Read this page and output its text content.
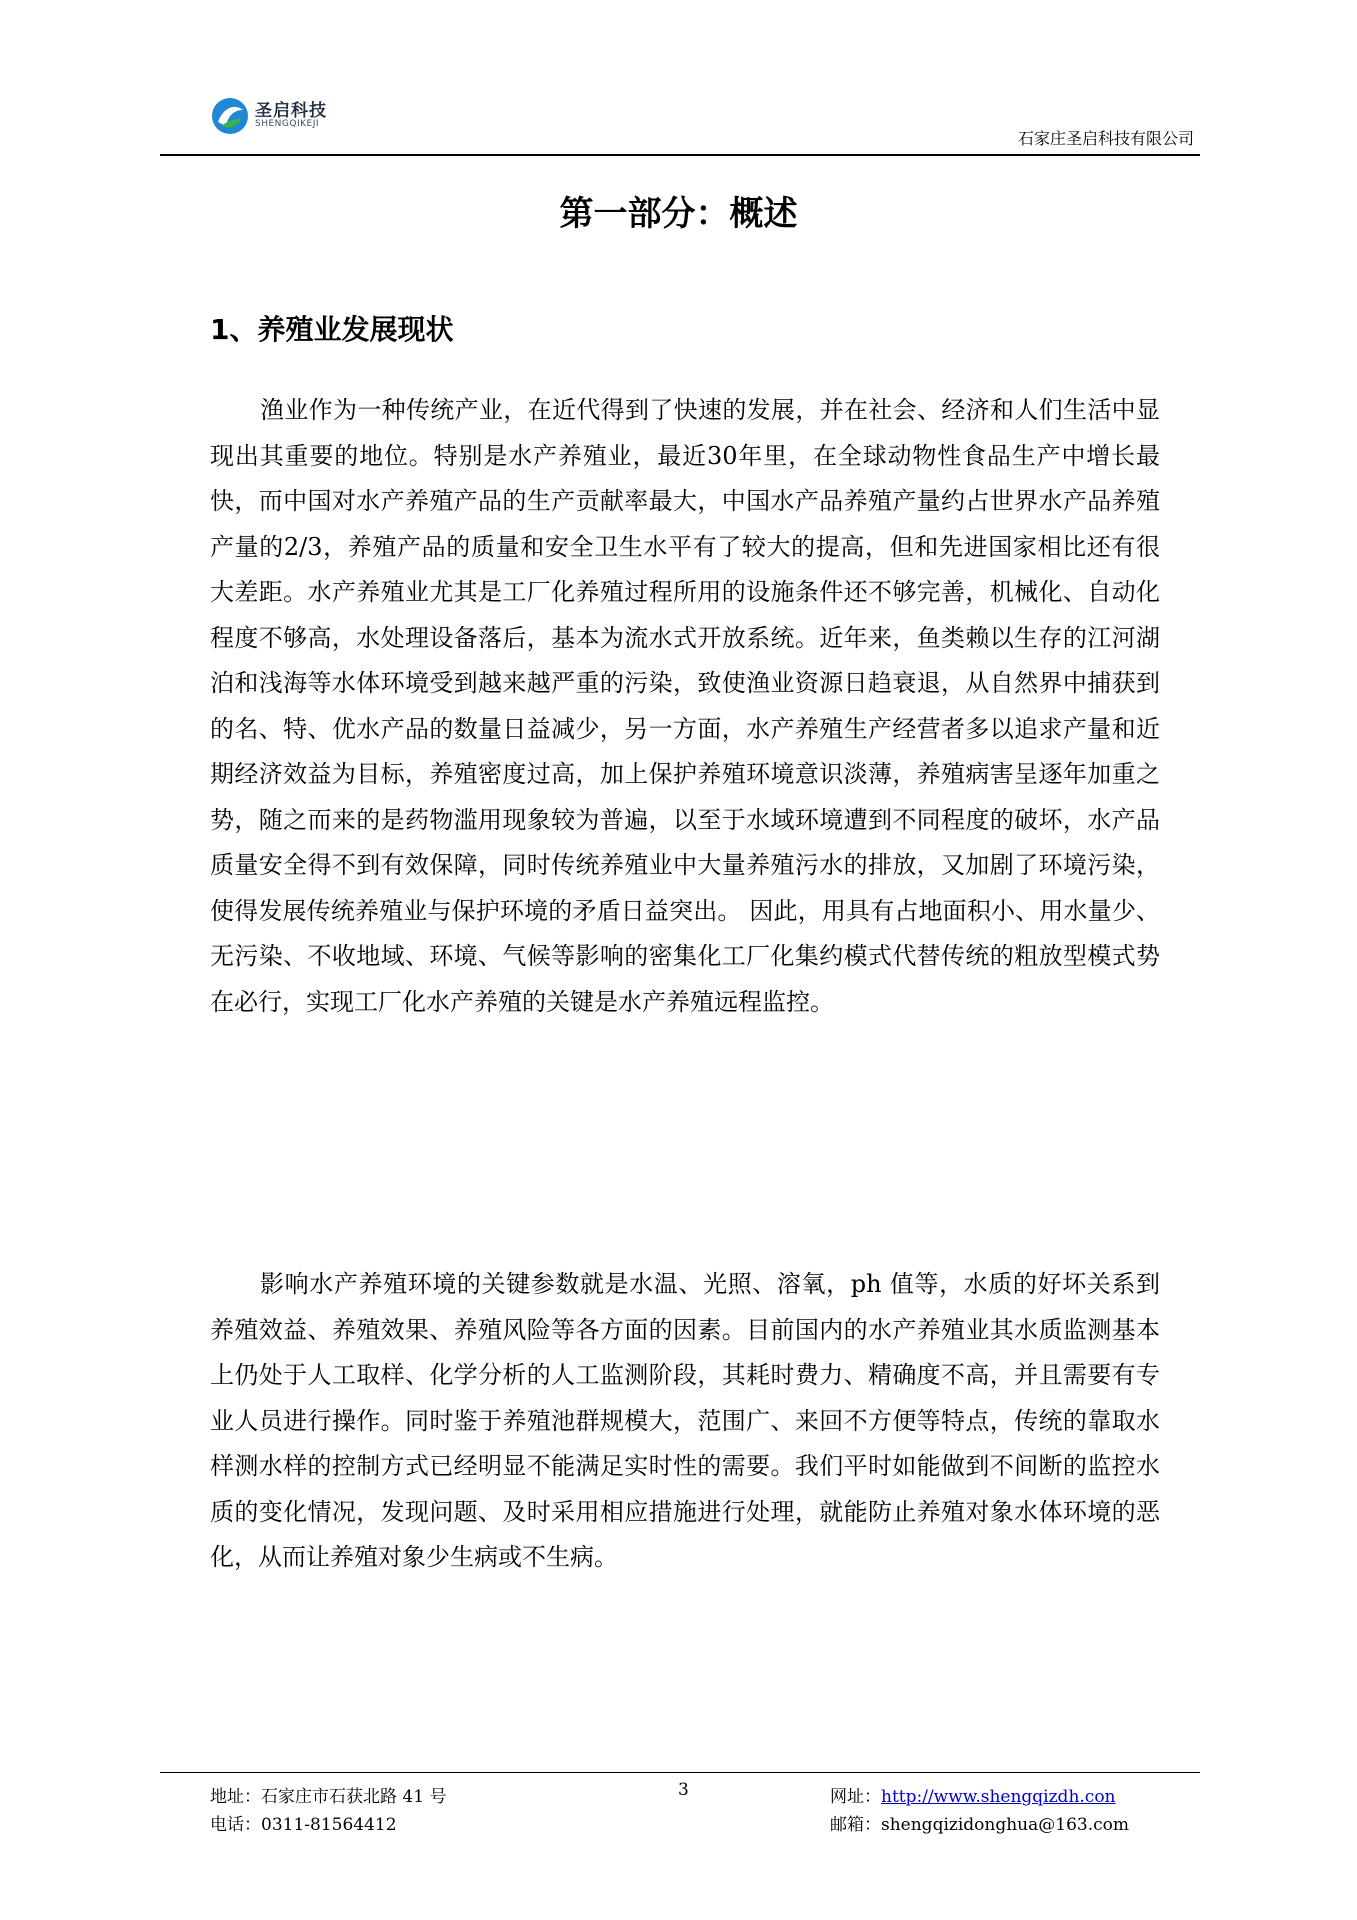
圣启科技
SHENGQIKEJI
石家庄圣启科技有限公司
第一部分：概述
1、养殖业发展现状
渔业作为一种传统产业，在近代得到了快速的发展，并在社会、经济和人们生活中显现出其重要的地位。特别是水产养殖业，最近30年里，在全球动物性食品生产中增长最快，而中国对水产养殖产品的生产贡献率最大，中国水产品养殖产量约占世界水产品养殖产量的2/3，养殖产品的质量和安全卫生水平有了较大的提高，但和先进国家相比还有很大差距。水产养殖业尤其是工厂化养殖过程所用的设施条件还不够完善，机械化、自动化程度不够高，水处理设备落后，基本为流水式开放系统。近年来，鱼类赖以生存的江河湖泊和浅海等水体环境受到越来越严重的污染，致使渔业资源日趋衰退，从自然界中捕获到的名、特、优水产品的数量日益减少，另一方面，水产养殖生产经营者多以追求产量和近期经济效益为目标，养殖密度过高，加上保护养殖环境意识淡薄，养殖病害呈逐年加重之势，随之而来的是药物滥用现象较为普遍，以至于水域环境遭到不同程度的破坏，水产品质量安全得不到有效保障，同时传统养殖业中大量养殖污水的排放，又加剧了环境污染，使得发展传统养殖业与保护环境的矛盾日益突出。 因此，用具有占地面积小、用水量少、无污染、不收地域、环境、气候等影响的密集化工厂化集约模式代替传统的粗放型模式势在必行，实现工厂化水产养殖的关键是水产养殖远程监控。
影响水产养殖环境的关键参数就是水温、光照、溶氧，ph 值等，水质的好坏关系到养殖效益、养殖效果、养殖风险等各方面的因素。目前国内的水产养殖业其水质监测基本上仍处于人工取样、化学分析的人工监测阶段，其耗时费力、精确度不高，并且需要有专业人员进行操作。同时鉴于养殖池群规模大，范围广、来回不方便等特点，传统的靠取水样测水样的控制方式已经明显不能满足实时性的需要。我们平时如能做到不间断的监控水质的变化情况，发现问题、及时采用相应措施进行处理，就能防止养殖对象水体环境的恶化，从而让养殖对象少生病或不生病。
地址：石家庄市石获北路 41 号
电话：0311-81564412
3	网址：http://www.shengqizdh.con
邮箱：shengqizidonghua@163.com
